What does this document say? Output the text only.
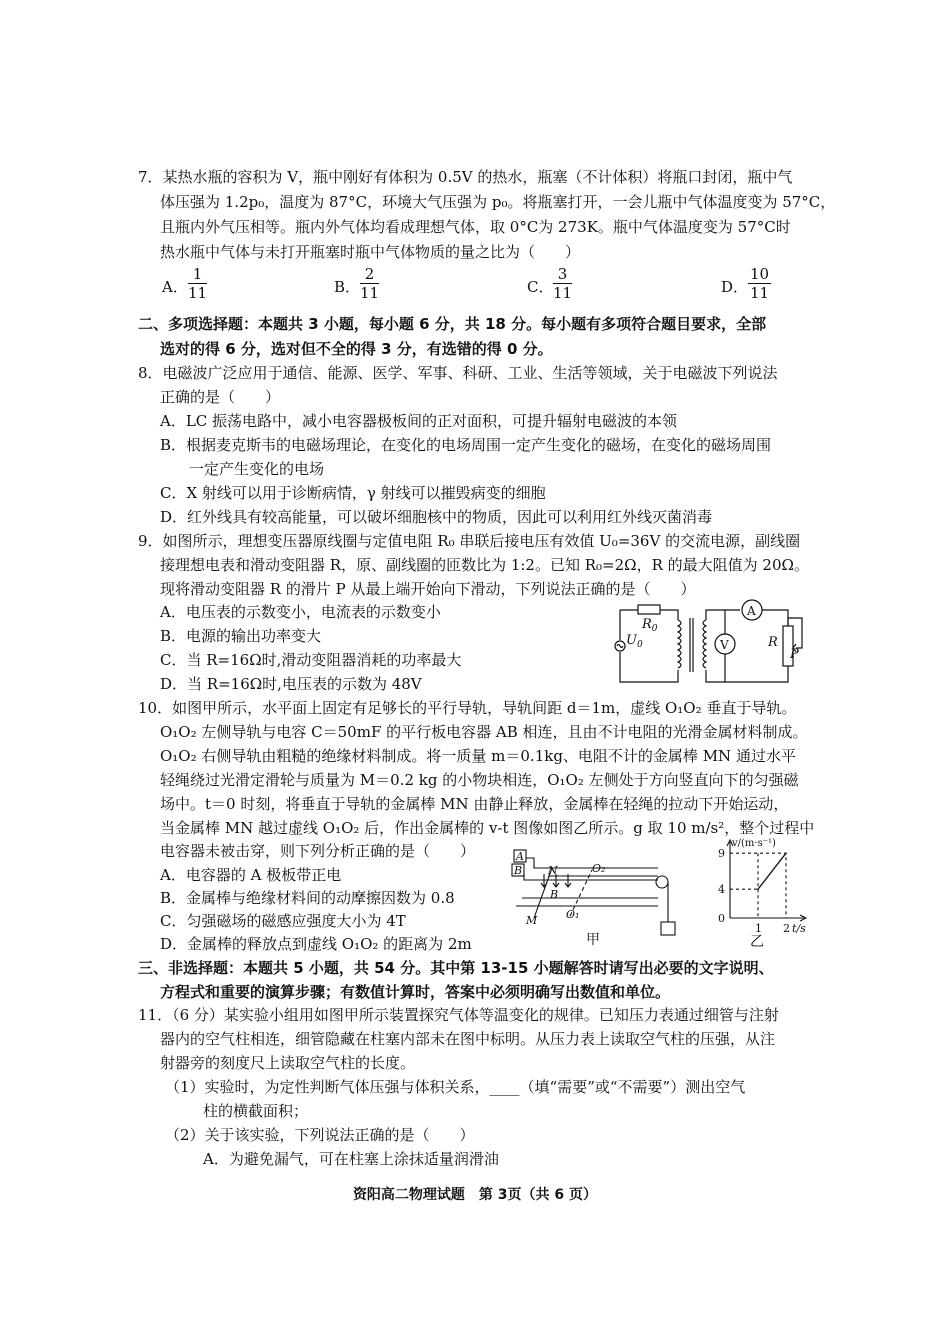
7．某热水瓶的容积为 V，瓶中刚好有体积为 0.5V 的热水，瓶塞（不计体积）将瓶口封闭，瓶中气
体压强为 1.2p₀，温度为 87°C，环境大气压强为 p₀。将瓶塞打开，一会儿瓶中气体温度变为 57°C，
且瓶内外气压相等。瓶内外气体均看成理想气体，取 0°C为 273K。瓶中气体温度变为 57°C时
热水瓶中气体与未打开瓶塞时瓶中气体物质的量之比为（　　）
A． $\frac{1}{11}$	B． $\frac{2}{11}$	C． $\frac{3}{11}$	D． $\frac{10}{11}$
二、多项选择题：本题共 3 小题，每小题 6 分，共 18 分。每小题有多项符合题目要求，全部
选对的得 6 分，选对但不全的得 3 分，有选错的得 0 分。
8．电磁波广泛应用于通信、能源、医学、军事、科研、工业、生活等领域，关于电磁波下列说法
正确的是（　　）
A．LC 振荡电路中，减小电容器极板间的正对面积，可提升辐射电磁波的本领
B．根据麦克斯韦的电磁场理论，在变化的电场周围一定产生变化的磁场，在变化的磁场周围
一定产生变化的电场
C．X 射线可以用于诊断病情，γ 射线可以摧毁病变的细胞
D．红外线具有较高能量，可以破坏细胞核中的物质，因此可以利用红外线灭菌消毒
9．如图所示，理想变压器原线圈与定值电阻 R₀ 串联后接电压有效值 U₀=36V 的交流电源，副线圈
接理想电表和滑动变阻器 R，原、副线圈的匝数比为 1:2。已知 R₀=2Ω，R 的最大阻值为 20Ω。
现将滑动变阻器 R 的滑片 P 从最上端开始向下滑动，下列说法正确的是（　　）
A．电压表的示数变小，电流表的示数变小
B．电源的输出功率变大
C．当 R=16Ω时,滑动变阻器消耗的功率最大
D．当 R=16Ω时,电压表的示数为 48V
$R_0$
$U_0$
A
V	R
P
10．如图甲所示，水平面上固定有足够长的平行导轨，导轨间距 d＝1m，虚线 O₁O₂ 垂直于导轨。
O₁O₂ 左侧导轨与电容 C＝50mF 的平行板电容器 AB 相连，且由不计电阻的光滑金属材料制成。
O₁O₂ 右侧导轨由粗糙的绝缘材料制成。将一质量 m＝0.1kg、电阻不计的金属棒 MN 通过水平
轻绳绕过光滑定滑轮与质量为 M＝0.2 kg 的小物块相连，O₁O₂ 左侧处于方向竖直向下的匀强磁
场中。t＝0 时刻，将垂直于导轨的金属棒 MN 由静止释放，金属棒在轻绳的拉动下开始运动，
当金属棒 MN 越过虚线 O₁O₂ 后，作出金属棒的 v-t 图像如图乙所示。g 取 10 m/s²，整个过程中
电容器未被击穿，则下列分析正确的是（　　）
A．电容器的 A 极板带正电
B．金属棒与绝缘材料间的动摩擦因数为 0.8
C．匀强磁场的磁感应强度大小为 4T
D．金属棒的释放点到虚线 O₁O₂ 的距离为 2m
A
B N
B
M	O₁
O₂
甲
v/(m·s⁻¹)
t/s
9
4
0
1 2
乙
三、非选择题：本题共 5 小题，共 54 分。其中第 13-15 小题解答时请写出必要的文字说明、
方程式和重要的演算步骤；有数值计算时，答案中必须明确写出数值和单位。
11．（6 分）某实验小组用如图甲所示装置探究气体等温变化的规律。已知压力表通过细管与注射
器内的空气柱相连，细管隐藏在柱塞内部未在图中标明。从压力表上读取空气柱的压强，从注
射器旁的刻度尺上读取空气柱的长度。
（1）实验时，为定性判断气体压强与体积关系，____（填“需要”或“不需要”）测出空气
柱的横截面积；
（2）关于该实验，下列说法正确的是（　　）
A．为避免漏气，可在柱塞上涂抹适量润滑油
资阳高二物理试题　第 3页（共 6 页）
